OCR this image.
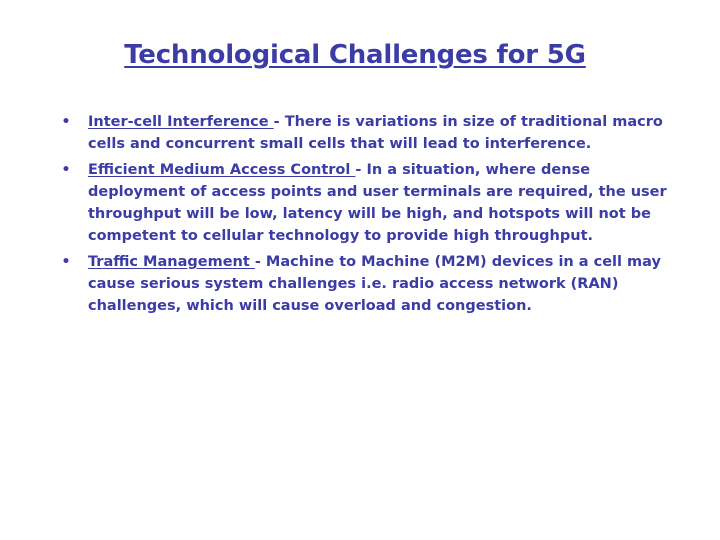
Technological Challenges for 5G
• Inter-cell Interference - There is variations in size of traditional macro cells and concurrent small cells that will lead to interference.
• Efficient Medium Access Control - In a situation, where dense deployment of access points and user terminals are required, the user throughput will be low, latency will be high, and hotspots will not be competent to cellular technology to provide high throughput.
• Traffic Management - Machine to Machine (M2M) devices in a cell may cause serious system challenges i.e. radio access network (RAN) challenges, which will cause overload and congestion.
